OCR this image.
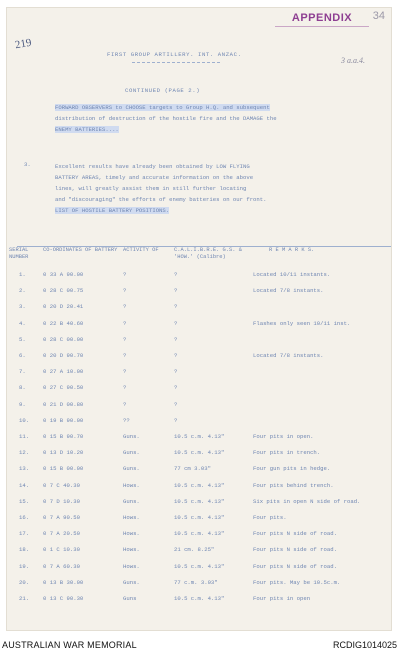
APPENDIX	34
219
3 a.a.4.
FIRST GROUP ARTILLERY. INT. ANZAC.
CONTINUED (PAGE 2.)
FORWARD OBSERVERS to CHOOSE targets to Group H.Q. and subsequent
distribution of destruction of the hostile fire and the DAMAGE the
ENEMY BATTERIES....
3.	Excellent results have already been obtained by LOW FLYING
BATTERY AREAS, timely and accurate information on the above
lines, will greatly assist them in still further locating
and "discouraging" the efforts of enemy batteries on our front.
LIST OF HOSTILE BATTERY POSITIONS.
SERIAL NUMBER
CO-ORDINATES OF BATTERY	ACTIVITY OF	C.A.L.I.B.R.E. G.S. & 'HOW.' (Calibre)
R E M A R K S.
1.	0 33 A 90.00	?	?	Located 10/11 instants.
2.	0 28 C 00.75	?	?	Located 7/8 instants.
3.	0 20 D 20.41	?	?
4.	0 22 B 40.60	?	?	Flashes only seen 10/11 inst.
5.	0 28 C 00.00	?	?
6.	0 20 D 90.70	?	?	Located 7/8 instants.
7.	0 27 A 10.00	?	?
8.	0 27 C 90.50	?	?
9.	0 21 D 00.80	?	?
10. 0 19 B 90.00	??	?
11. 0 15 B 90.70	Guns.	10.5 c.m. 4.13"	Four pits in open.
12. 0 13 D 10.20	Guns.	10.5 c.m. 4.13"	Four pits in trench.
13. 0 15 B 00.00	Guns.	77 cm 3.03"	Four gun pits in hedge.
14. 0 7 C 40.30	Hows.	10.5 c.m. 4.13"	Four pits behind trench.
15. 0 7 D 10.30	Guns.	10.5 c.m. 4.13"	Six pits in open N side of road.
16. 0 7 A 90.50	Hows.	10.5 c.m. 4.13"	Four pits.
17. 0 7 A 20.50	Hows.	10.5 c.m. 4.13"	Four pits N side of road.
18. 0 1 C 10.30	Hows.	21 cm. 8.25"	Four pits N side of road.
19. 0 7 A 60.30	Hows.	10.5 c.m. 4.13"	Four pits N side of road.
20. 0 13 B 30.00	Guns.	77 c.m. 3.03"	Four pits. May be 10.5c.m.
21. 0 13 C 90.30	Guns	10.5 c.m. 4.13"	Four pits in open
AUSTRALIAN WAR MEMORIAL	RCDIG1014025
